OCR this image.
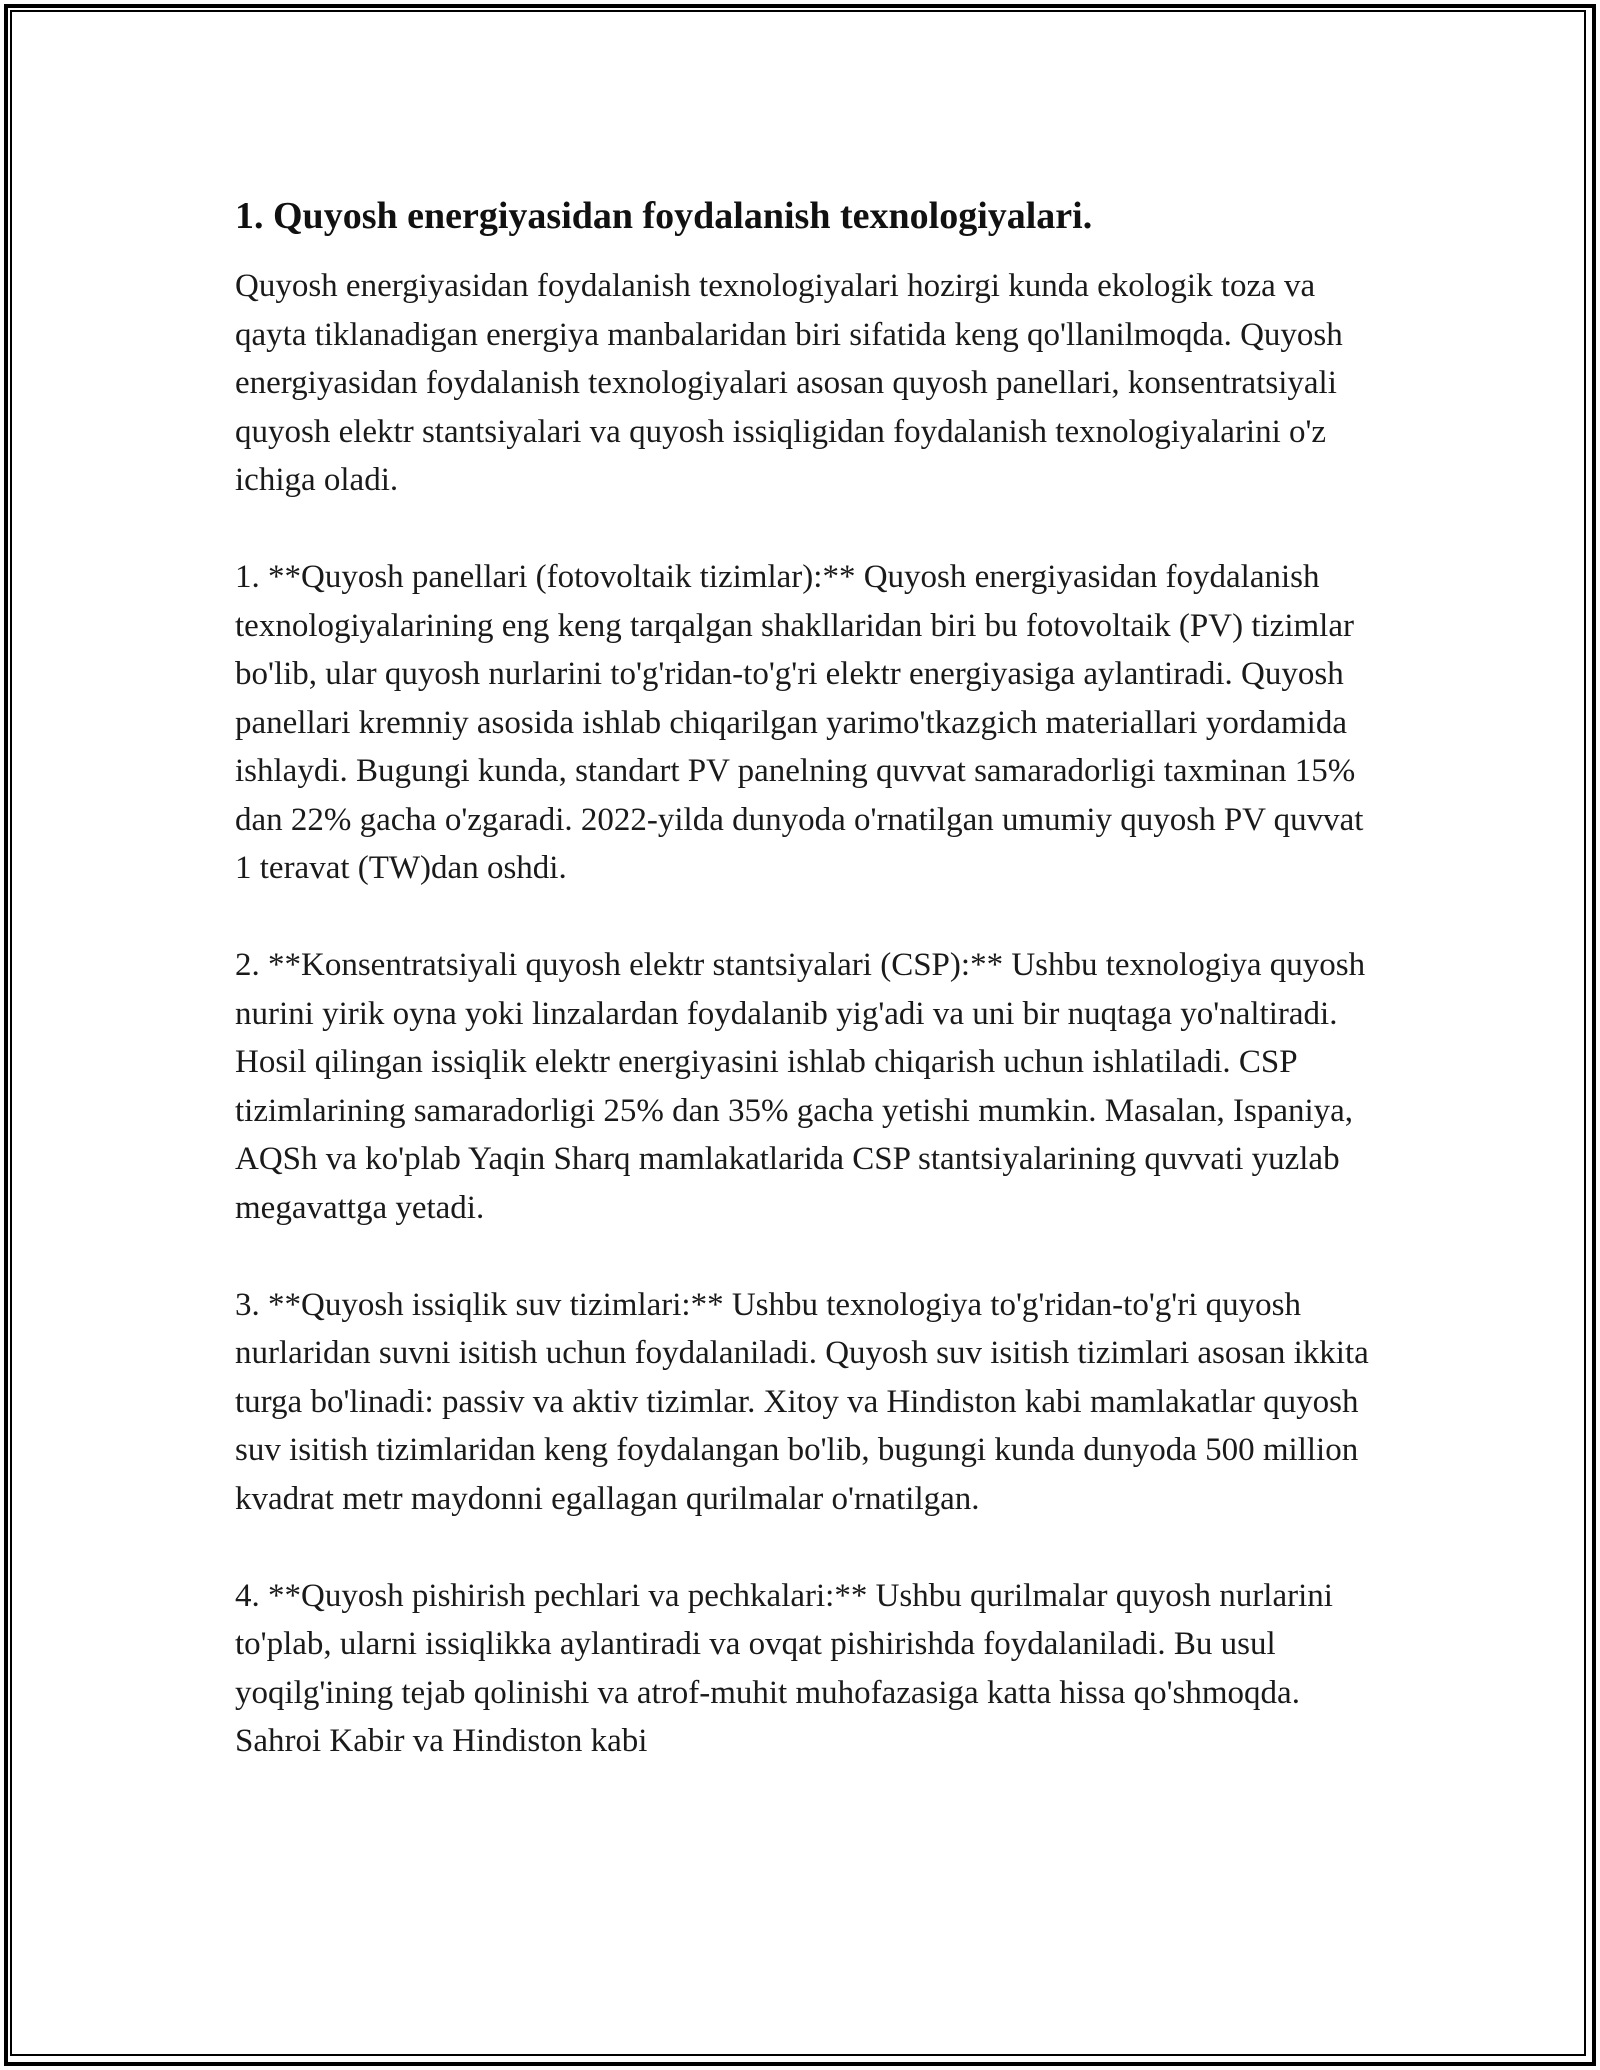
1. Quyosh energiyasidan foydalanish texnologiyalari.

Quyosh energiyasidan foydalanish texnologiyalari hozirgi kunda ekologik toza va qayta tiklanadigan energiya manbalaridan biri sifatida keng qo'llanilmoqda. Quyosh energiyasidan foydalanish texnologiyalari asosan quyosh panellari, konsentratsiyali quyosh elektr stantsiyalari va quyosh issiqligidan foydalanish texnologiyalarini o'z ichiga oladi.

1. **Quyosh panellari (fotovoltaik tizimlar):** Quyosh energiyasidan foydalanish texnologiyalarining eng keng tarqalgan shakllaridan biri bu fotovoltaik (PV) tizimlar bo'lib, ular quyosh nurlarini to'g'ridan-to'g'ri elektr energiyasiga aylantiradi. Quyosh panellari kremniy asosida ishlab chiqarilgan yarimo'tkazgich materiallari yordamida ishlaydi. Bugungi kunda, standart PV panelning quvvat samaradorligi taxminan 15% dan 22% gacha o'zgaradi. 2022-yilda dunyoda o'rnatilgan umumiy quyosh PV quvvat 1 teravat (TW)dan oshdi.

2. **Konsentratsiyali quyosh elektr stantsiyalari (CSP):** Ushbu texnologiya quyosh nurini yirik oyna yoki linzalardan foydalanib yig'adi va uni bir nuqtaga yo'naltiradi. Hosil qilingan issiqlik elektr energiyasini ishlab chiqarish uchun ishlatiladi. CSP tizimlarining samaradorligi 25% dan 35% gacha yetishi mumkin. Masalan, Ispaniya, AQSh va ko'plab Yaqin Sharq mamlakatlarida CSP stantsiyalarining quvvati yuzlab megavattga yetadi.

3. **Quyosh issiqlik suv tizimlari:** Ushbu texnologiya to'g'ridan-to'g'ri quyosh nurlaridan suvni isitish uchun foydalaniladi. Quyosh suv isitish tizimlari asosan ikkita turga bo'linadi: passiv va aktiv tizimlar. Xitoy va Hindiston kabi mamlakatlar quyosh suv isitish tizimlaridan keng foydalangan bo'lib, bugungi kunda dunyoda 500 million kvadrat metr maydonni egallagan qurilmalar o'rnatilgan.

4. **Quyosh pishirish pechlari va pechkalari:** Ushbu qurilmalar quyosh nurlarini to'plab, ularni issiqlikka aylantiradi va ovqat pishirishda foydalaniladi. Bu usul yoqilg'ining tejab qolinishi va atrof-muhit muhofazasiga katta hissa qo'shmoqda. Sahroi Kabir va Hindiston kabi
